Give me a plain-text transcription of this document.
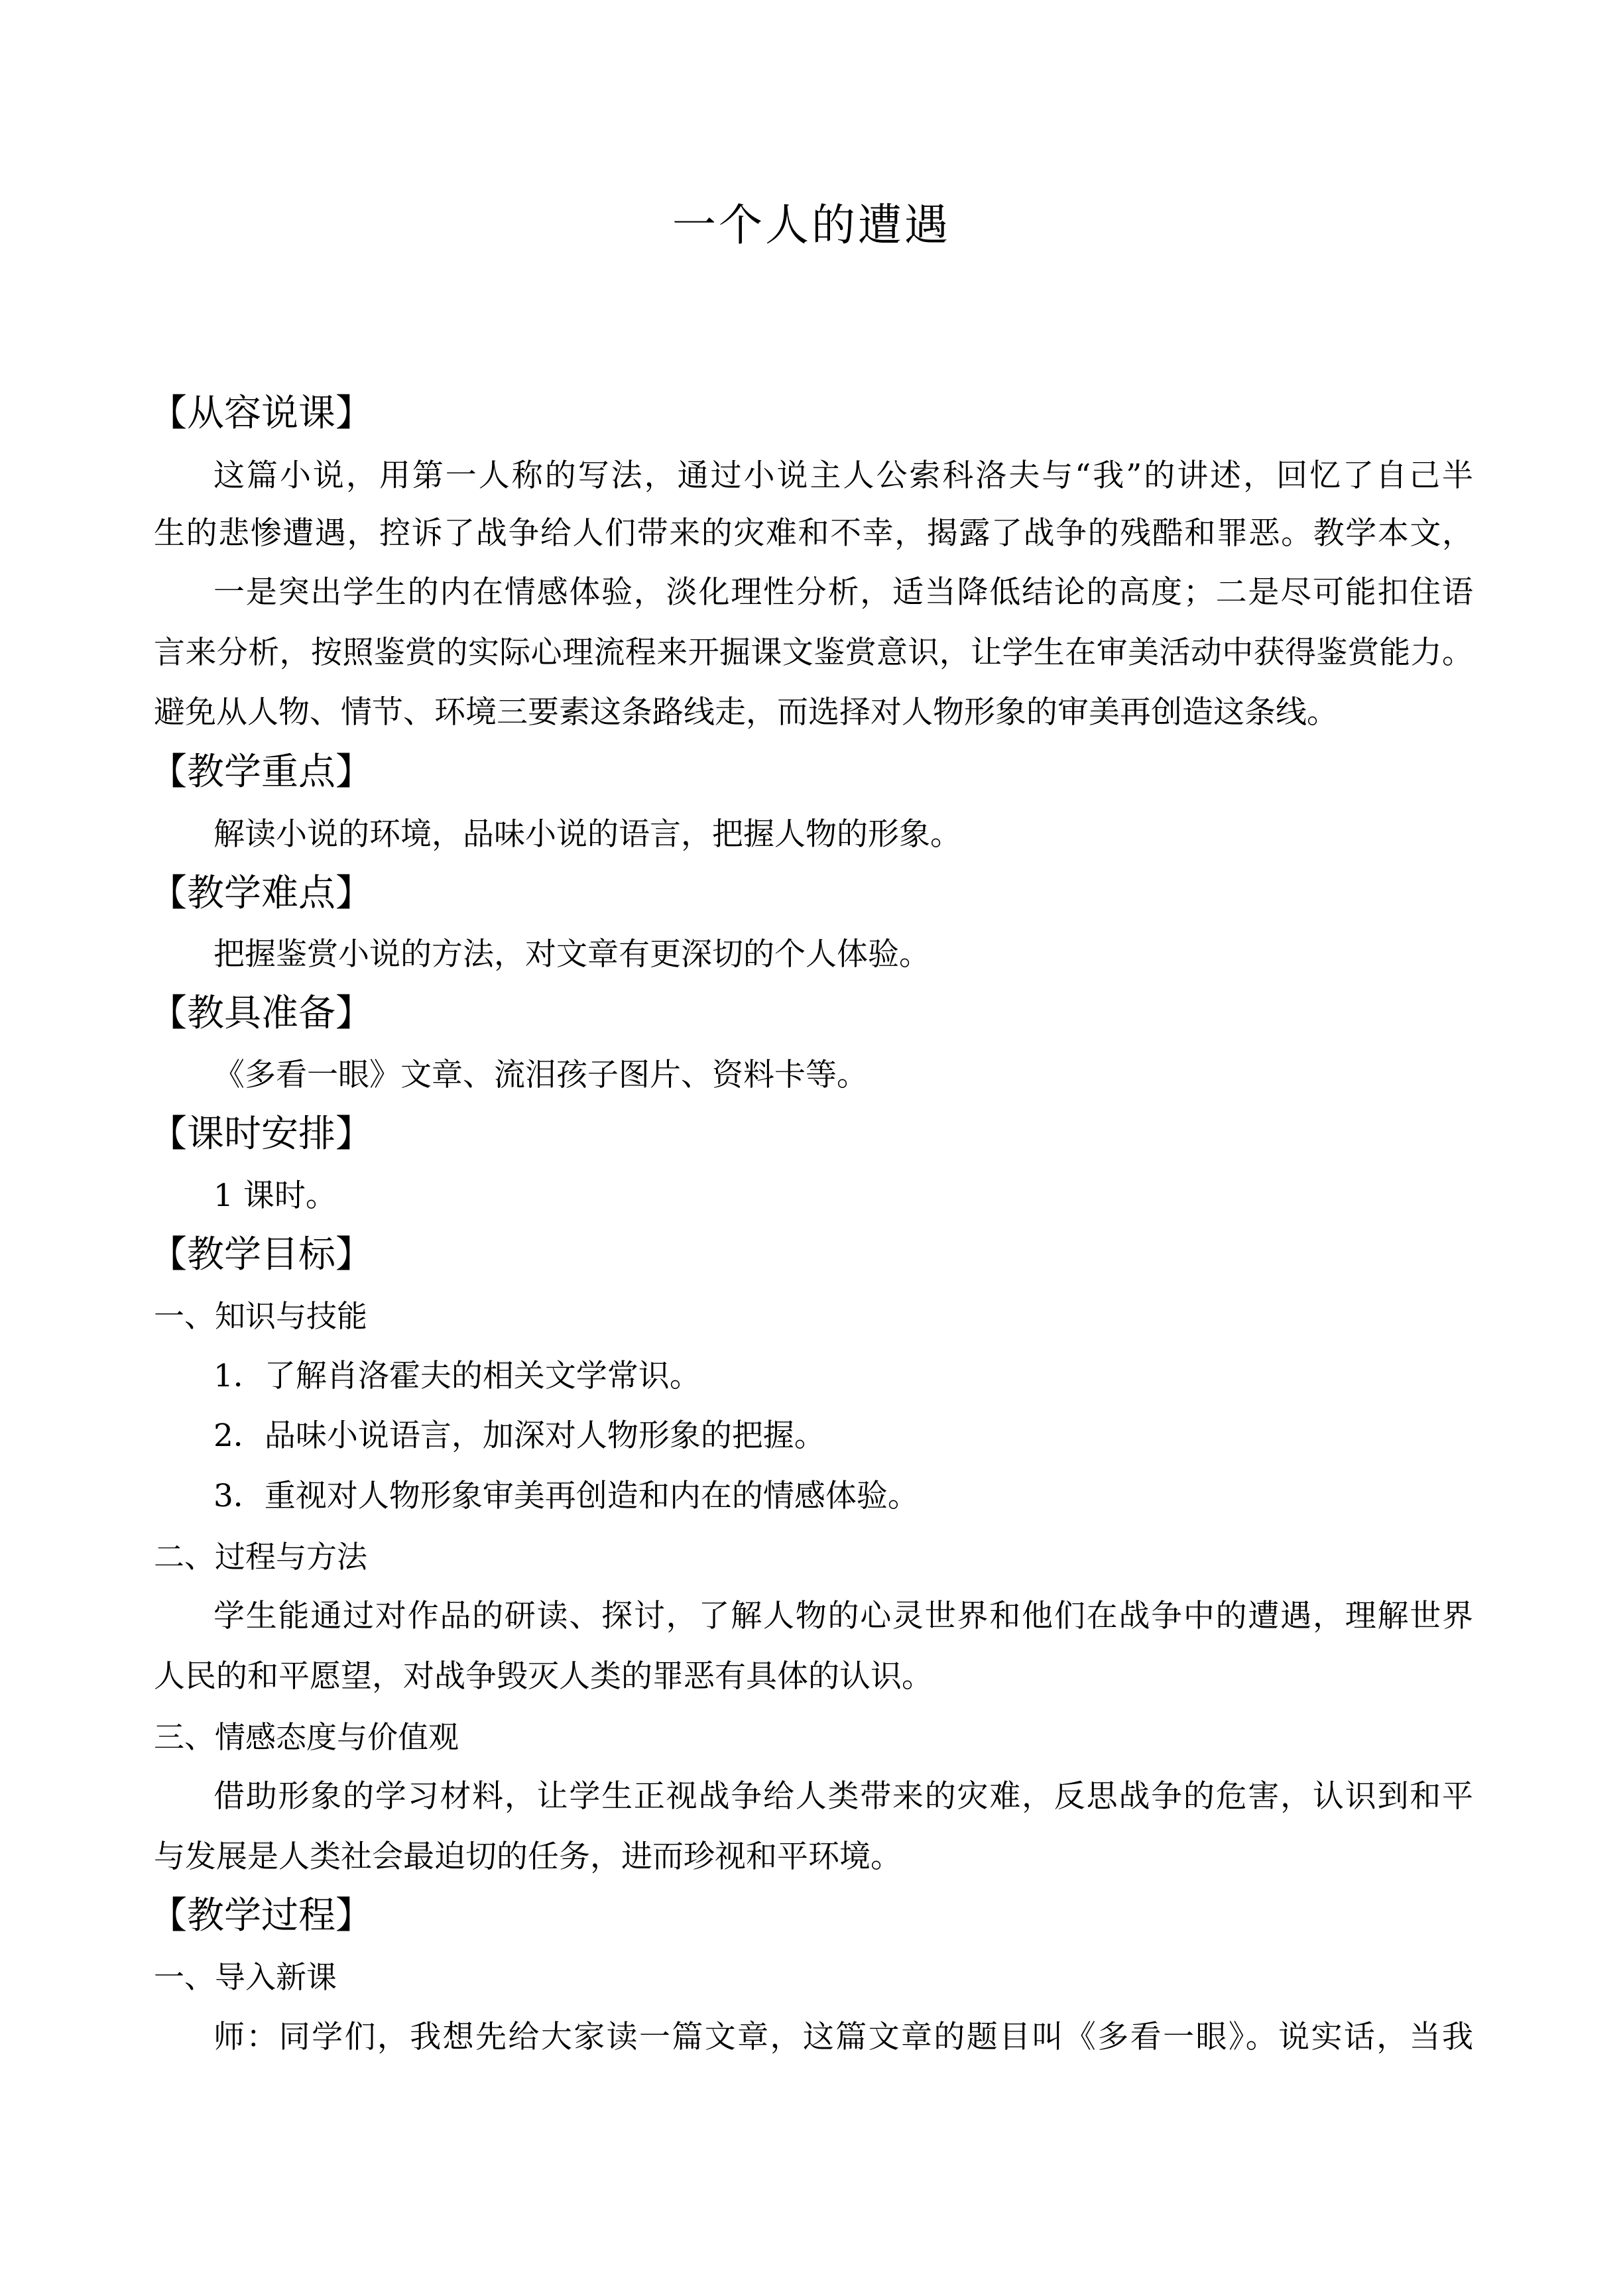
一个人的遭遇
【从容说课】
这篇小说，用第一人称的写法，通过小说主人公索科洛夫与“我”的讲述，回忆了自己半
生的悲惨遭遇，控诉了战争给人们带来的灾难和不幸，揭露了战争的残酷和罪恶。教学本文，
一是突出学生的内在情感体验，淡化理性分析，适当降低结论的高度；二是尽可能扣住语
言来分析，按照鉴赏的实际心理流程来开掘课文鉴赏意识，让学生在审美活动中获得鉴赏能力。
避免从人物、情节、环境三要素这条路线走，而选择对人物形象的审美再创造这条线。
【教学重点】
解读小说的环境，品味小说的语言，把握人物的形象。
【教学难点】
把握鉴赏小说的方法，对文章有更深切的个人体验。
【教具准备】
《多看一眼》文章、流泪孩子图片、资料卡等。
【课时安排】
1 课时。
【教学目标】
一、知识与技能
1．了解肖洛霍夫的相关文学常识。
2．品味小说语言，加深对人物形象的把握。
3．重视对人物形象审美再创造和内在的情感体验。
二、过程与方法
学生能通过对作品的研读、探讨，了解人物的心灵世界和他们在战争中的遭遇，理解世界
人民的和平愿望，对战争毁灭人类的罪恶有具体的认识。
三、情感态度与价值观
借助形象的学习材料，让学生正视战争给人类带来的灾难，反思战争的危害，认识到和平
与发展是人类社会最迫切的任务，进而珍视和平环境。
【教学过程】
一、导入新课
师：同学们，我想先给大家读一篇文章，这篇文章的题目叫《多看一眼》。说实话，当我
